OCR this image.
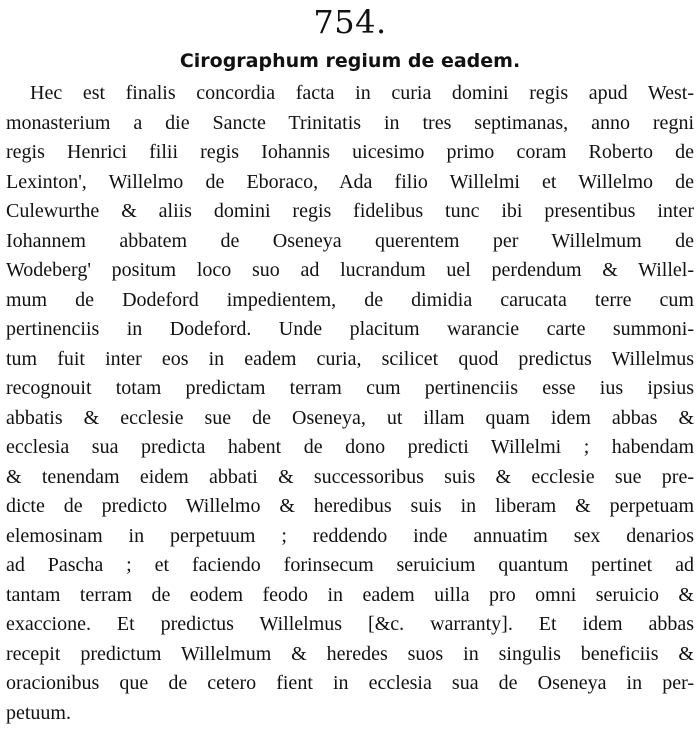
754.
Cirographum regium de eadem.
Hec est finalis concordia facta in curia domini regis apud West-
monasterium a die Sancte Trinitatis in tres septimanas, anno regni
regis Henrici filii regis Iohannis uicesimo primo coram Roberto de
Lexinton', Willelmo de Eboraco, Ada filio Willelmi et Willelmo de
Culewurthe & aliis domini regis fidelibus tunc ibi presentibus inter
Iohannem abbatem de Oseneya querentem per Willelmum de
Wodeberg' positum loco suo ad lucrandum uel perdendum & Willel-
mum de Dodeford impedientem, de dimidia carucata terre cum
pertinenciis in Dodeford. Unde placitum warancie carte summoni-
tum fuit inter eos in eadem curia, scilicet quod predictus Willelmus
recognouit totam predictam terram cum pertinenciis esse ius ipsius
abbatis & ecclesie sue de Oseneya, ut illam quam idem abbas &
ecclesia sua predicta habent de dono predicti Willelmi ; habendam
& tenendam eidem abbati & successoribus suis & ecclesie sue pre-
dicte de predicto Willelmo & heredibus suis in liberam & perpetuam
elemosinam in perpetuum ; reddendo inde annuatim sex denarios
ad Pascha ; et faciendo forinsecum seruicium quantum pertinet ad
tantam terram de eodem feodo in eadem uilla pro omni seruicio &
exaccione. Et predictus Willelmus [&c. warranty]. Et idem abbas
recepit predictum Willelmum & heredes suos in singulis beneficiis &
oracionibus que de cetero fient in ecclesia sua de Oseneya in per-
petuum.
